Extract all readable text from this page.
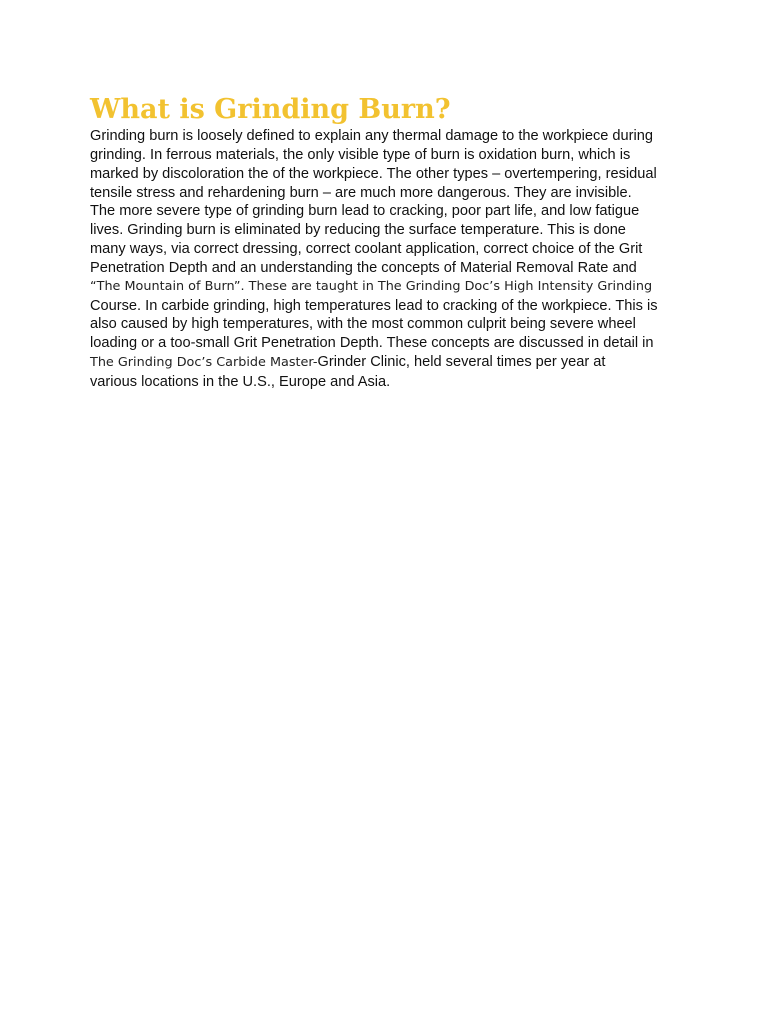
What is Grinding Burn?

Grinding burn is loosely defined to explain any thermal damage to the workpiece during
grinding. In ferrous materials, the only visible type of burn is oxidation burn, which is
marked by discoloration the of the workpiece. The other types – overtempering, residual
tensile stress and rehardening burn – are much more dangerous. They are invisible.
The more severe type of grinding burn lead to cracking, poor part life, and low fatigue
lives. Grinding burn is eliminated by reducing the surface temperature. This is done
many ways, via correct dressing, correct coolant application, correct choice of the Grit
Penetration Depth and an understanding the concepts of Material Removal Rate and
“The Mountain of Burn”. These are taught in The Grinding Doc’s High Intensity Grinding
Course. In carbide grinding, high temperatures lead to cracking of the workpiece. This is
also caused by high temperatures, with the most common culprit being severe wheel
loading or a too-small Grit Penetration Depth. These concepts are discussed in detail in
The Grinding Doc’s Carbide Master-Grinder Clinic, held several times per year at
various locations in the U.S., Europe and Asia.
